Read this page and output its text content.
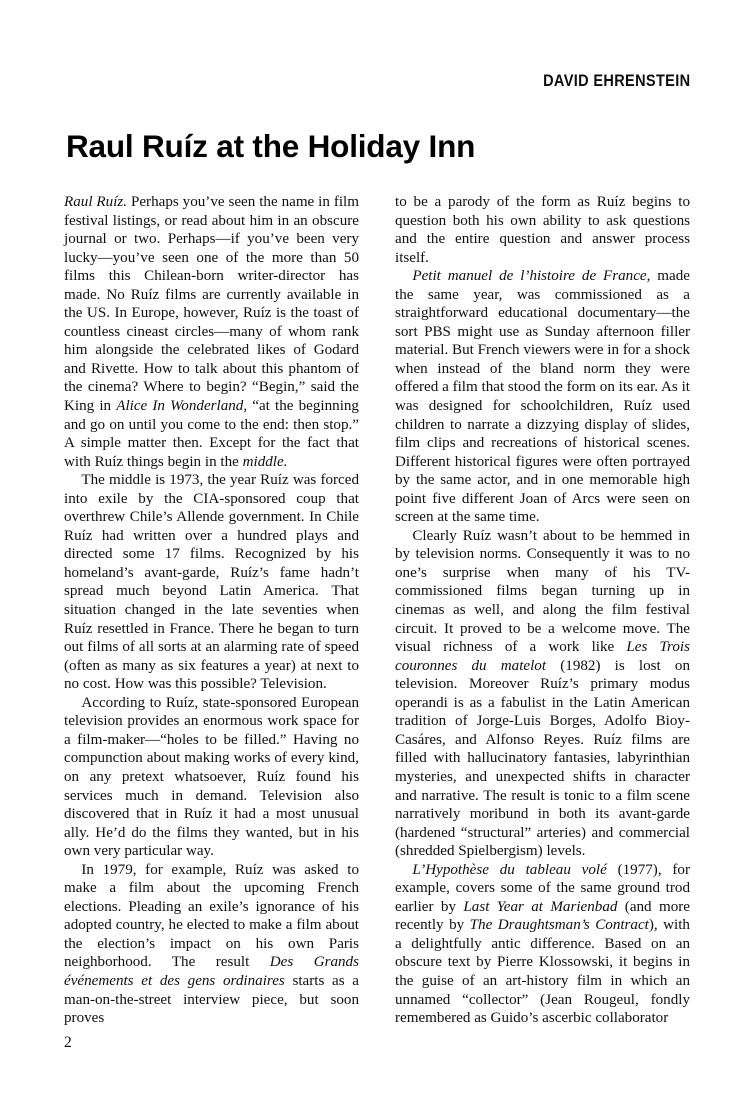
DAVID EHRENSTEIN
Raul Ruíz at the Holiday Inn

Raul Ruíz. Perhaps you’ve seen the name in film festival listings, or read about him in an obscure journal or two. Perhaps—if you’ve been very lucky—you’ve seen one of the more than 50 films this Chilean-born writer-director has made. No Ruíz films are currently available in the US. In Europe, however, Ruíz is the toast of countless cineast circles—many of whom rank him alongside the celebrated likes of Godard and Rivette. How to talk about this phantom of the cinema? Where to begin? “Begin,” said the King in Alice In Wonderland, “at the beginning and go on until you come to the end: then stop.” A simple matter then. Except for the fact that with Ruíz things begin in the middle.

The middle is 1973, the year Ruíz was forced into exile by the CIA-sponsored coup that overthrew Chile’s Allende government. In Chile Ruíz had written over a hundred plays and directed some 17 films. Recognized by his homeland’s avant-garde, Ruíz’s fame hadn’t spread much beyond Latin America. That situation changed in the late seventies when Ruíz resettled in France. There he began to turn out films of all sorts at an alarming rate of speed (often as many as six features a year) at next to no cost. How was this possible? Television.

According to Ruíz, state-sponsored European television provides an enormous work space for a film-maker—“holes to be filled.” Having no compunction about making works of every kind, on any pretext whatsoever, Ruíz found his services much in demand. Television also discovered that in Ruíz it had a most unusual ally. He’d do the films they wanted, but in his own very particular way.

In 1979, for example, Ruíz was asked to make a film about the upcoming French elections. Pleading an exile’s ignorance of his adopted country, he elected to make a film about the election’s impact on his own Paris neighborhood. The result Des Grands événements et des gens ordinaires starts as a man-on-the-street interview piece, but soon proves

to be a parody of the form as Ruíz begins to question both his own ability to ask questions and the entire question and answer process itself.

Petit manuel de l’histoire de France, made the same year, was commissioned as a straightforward educational documentary—the sort PBS might use as Sunday afternoon filler material. But French viewers were in for a shock when instead of the bland norm they were offered a film that stood the form on its ear. As it was designed for schoolchildren, Ruíz used children to narrate a dizzying display of slides, film clips and recreations of historical scenes. Different historical figures were often portrayed by the same actor, and in one memorable high point five different Joan of Arcs were seen on screen at the same time.

Clearly Ruíz wasn’t about to be hemmed in by television norms. Consequently it was to no one’s surprise when many of his TV-commissioned films began turning up in cinemas as well, and along the film festival circuit. It proved to be a welcome move. The visual richness of a work like Les Trois couronnes du matelot (1982) is lost on television. Moreover Ruíz’s primary modus operandi is as a fabulist in the Latin American tradition of Jorge-Luis Borges, Adolfo Bioy-Casáres, and Alfonso Reyes. Ruíz films are filled with hallucinatory fantasies, labyrinthian mysteries, and unexpected shifts in character and narrative. The result is tonic to a film scene narratively moribund in both its avant-garde (hardened “structural” arteries) and commercial (shredded Spielbergism) levels.

L’Hypothèse du tableau volé (1977), for example, covers some of the same ground trod earlier by Last Year at Marienbad (and more recently by The Draughtsman’s Contract), with a delightfully antic difference. Based on an obscure text by Pierre Klossowski, it begins in the guise of an art-history film in which an unnamed “collector” (Jean Rougeul, fondly remembered as Guido’s ascerbic collaborator

2
